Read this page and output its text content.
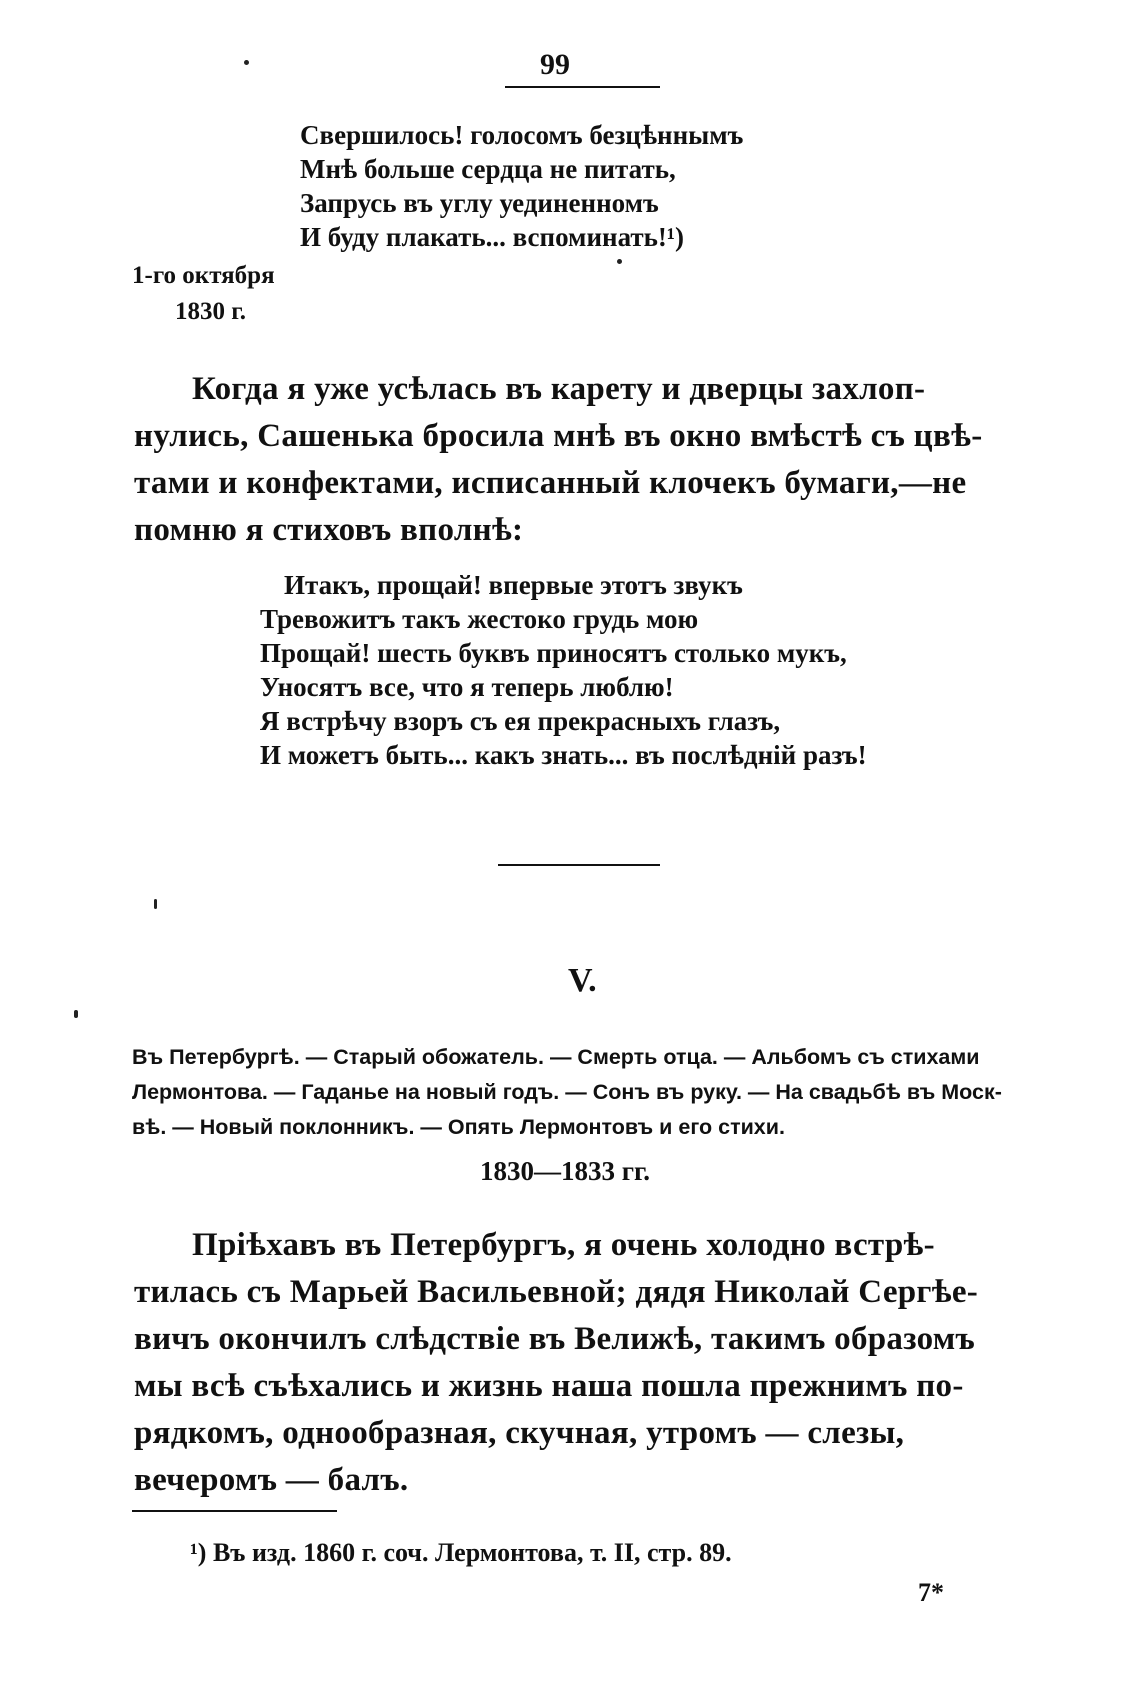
99
Свершилось! голосомъ безцѣннымъ
Мнѣ больше сердца не питать,
Запрусь въ углу уединенномъ
И буду плакать... вспоминать!¹)
1-го октября
1830 г.
Когда я уже усѣлась въ карету и дверцы захлоп-
нулись, Сашенька бросила мнѣ въ окно вмѣстѣ съ цвѣ-
тами и конфектами, исписанный клочекъ бумаги,—не
помню я стиховъ вполнѣ:
Итакъ, прощай! впервые этотъ звукъ
Тревожитъ такъ жестоко грудь мою
Прощай! шесть буквъ приносятъ столько мукъ,
Уносятъ все, что я теперь люблю!
Я встрѣчу взоръ съ ея прекрасныхъ глазъ,
И можетъ быть... какъ знать... въ послѣднiй разъ!
V.
Въ Петербургѣ. — Старый обожатель. — Смерть отца. — Альбомъ съ стихами
Лермонтова. — Гаданье на новый годъ. — Сонъ въ руку. — На свадьбѣ въ Моск-
вѣ. — Новый поклонникъ. — Опять Лермонтовъ и его стихи.
1830—1833 гг.
Прiѣхавъ въ Петербургъ, я очень холодно встрѣ-
тилась съ Марьей Васильевной; дядя Николай Сергѣе-
вичъ окончилъ слѣдствiе въ Велижѣ, такимъ образомъ
мы всѣ съѣхались и жизнь наша пошла прежнимъ по-
рядкомъ, однообразная, скучная, утромъ — слезы,
вечеромъ — балъ.
¹) Въ изд. 1860 г. соч. Лермонтова, т. II, стр. 89.
7*
